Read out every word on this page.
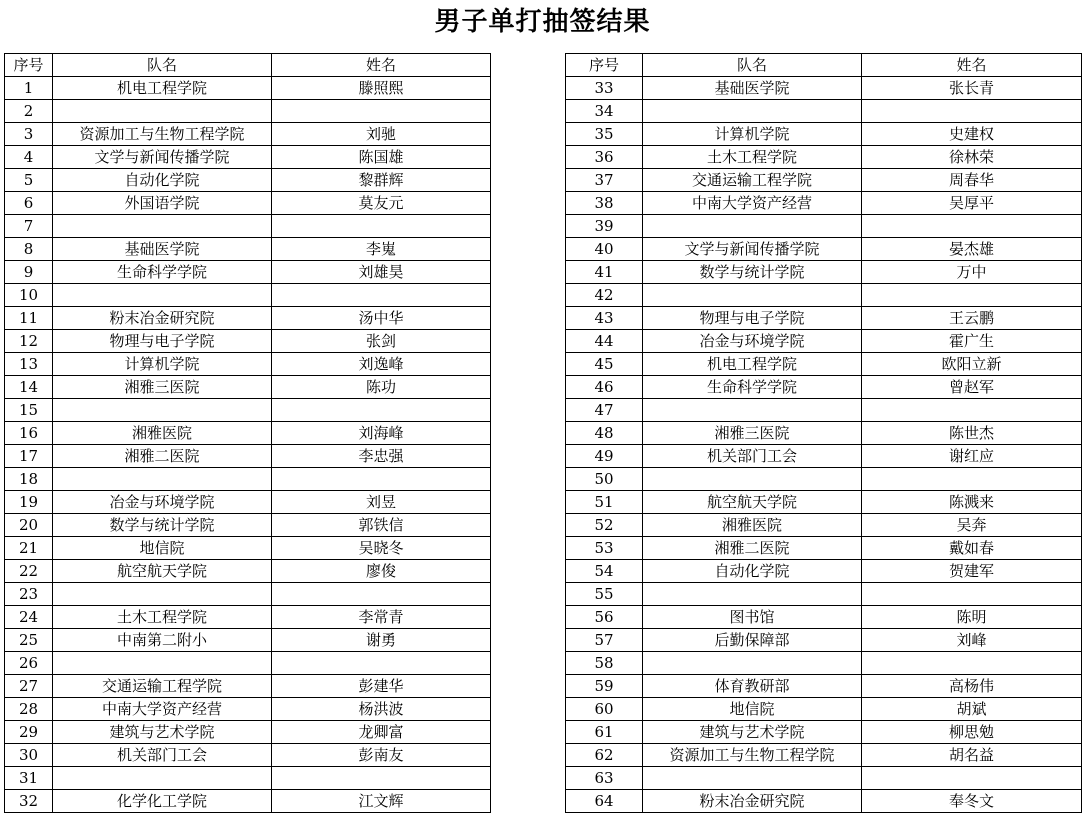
男子单打抽签结果
序号	队名	姓名
1	机电工程学院	滕照熙
2		
3	资源加工与生物工程学院	刘驰
4	文学与新闻传播学院	陈国雄
5	自动化学院	黎群辉
6	外国语学院	莫友元
7		
8	基础医学院	李嵬
9	生命科学学院	刘雄昊
10		
11	粉末冶金研究院	汤中华
12	物理与电子学院	张剑
13	计算机学院	刘逸峰
14	湘雅三医院	陈功
15		
16	湘雅医院	刘海峰
17	湘雅二医院	李忠强
18		
19	冶金与环境学院	刘昱
20	数学与统计学院	郭铁信
21	地信院	吴晓冬
22	航空航天学院	廖俊
23		
24	土木工程学院	李常青
25	中南第二附小	谢勇
26		
27	交通运输工程学院	彭建华
28	中南大学资产经营	杨洪波
29	建筑与艺术学院	龙卿富
30	机关部门工会	彭南友
31		
32	化学化工学院	江文辉
序号	队名	姓名
33	基础医学院	张长青
34		
35	计算机学院	史建权
36	土木工程学院	徐林荣
37	交通运输工程学院	周春华
38	中南大学资产经营	吴厚平
39		
40	文学与新闻传播学院	晏杰雄
41	数学与统计学院	万中
42		
43	物理与电子学院	王云鹏
44	冶金与环境学院	霍广生
45	机电工程学院	欧阳立新
46	生命科学学院	曾赵军
47		
48	湘雅三医院	陈世杰
49	机关部门工会	谢红应
50		
51	航空航天学院	陈溅来
52	湘雅医院	吴奔
53	湘雅二医院	戴如春
54	自动化学院	贺建军
55		
56	图书馆	陈明
57	后勤保障部	刘峰
58		
59	体育教研部	高杨伟
60	地信院	胡斌
61	建筑与艺术学院	柳思勉
62	资源加工与生物工程学院	胡名益
63		
64	粉末冶金研究院	奉冬文
